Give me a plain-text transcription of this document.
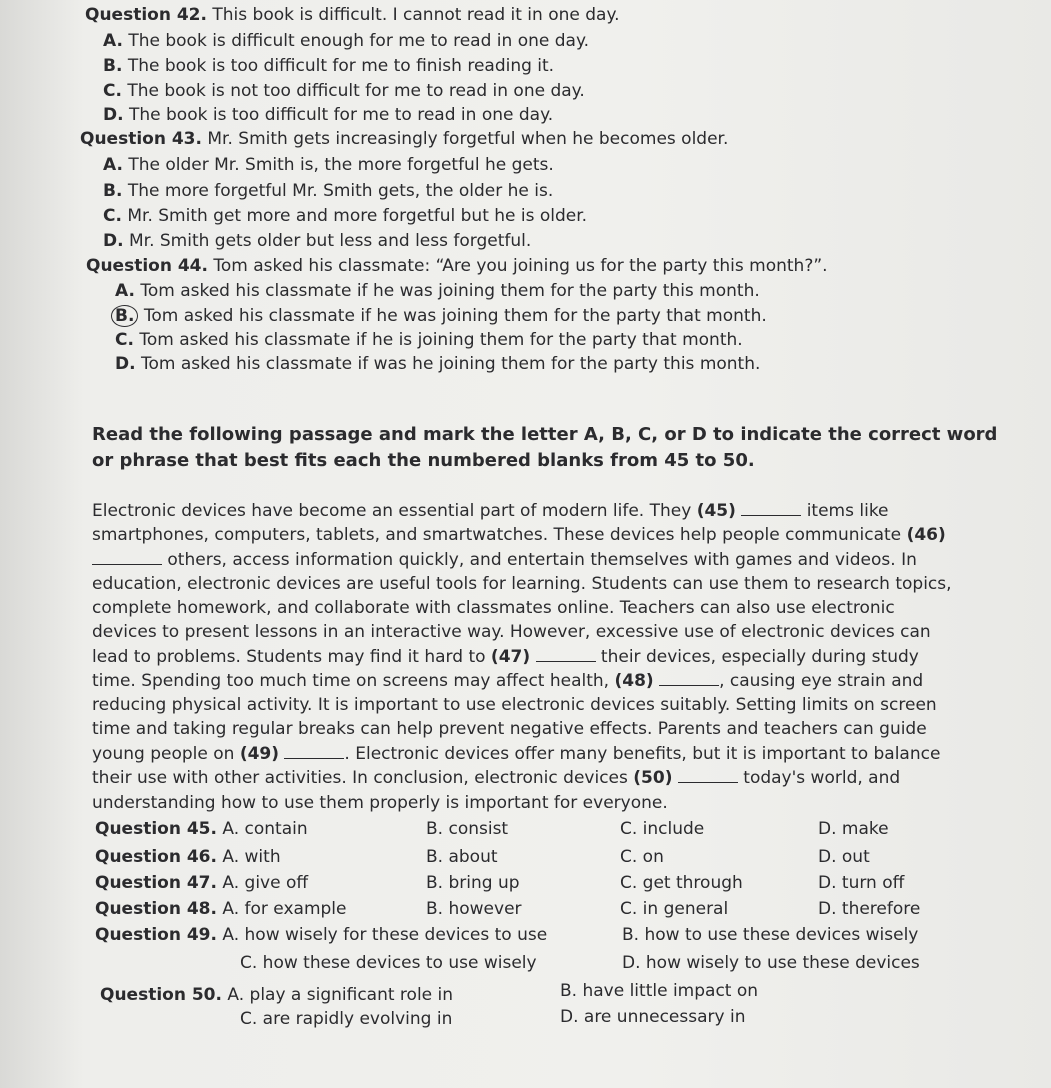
Question 42. This book is difficult. I cannot read it in one day.
A. The book is difficult enough for me to read in one day.
B. The book is too difficult for me to finish reading it.
C. The book is not too difficult for me to read in one day.
D. The book is too difficult for me to read in one day.
Question 43. Mr. Smith gets increasingly forgetful when he becomes older.
A. The older Mr. Smith is, the more forgetful he gets.
B. The more forgetful Mr. Smith gets, the older he is.
C. Mr. Smith get more and more forgetful but he is older.
D. Mr. Smith gets older but less and less forgetful.
Question 44. Tom asked his classmate: “Are you joining us for the party this month?”.
A. Tom asked his classmate if he was joining them for the party this month.
B. Tom asked his classmate if he was joining them for the party that month.
C. Tom asked his classmate if he is joining them for the party that month.
D. Tom asked his classmate if was he joining them for the party this month.
Read the following passage and mark the letter A, B, C, or D to indicate the correct word
or phrase that best fits each the numbered blanks from 45 to 50.
Electronic devices have become an essential part of modern life. They (45)	items like
smartphones, computers, tablets, and smartwatches. These devices help people communicate (46)
others, access information quickly, and entertain themselves with games and videos. In
education, electronic devices are useful tools for learning. Students can use them to research topics,
complete homework, and collaborate with classmates online. Teachers can also use electronic
devices to present lessons in an interactive way. However, excessive use of electronic devices can
lead to problems. Students may find it hard to (47)	their devices, especially during study
time. Spending too much time on screens may affect health, (48)	, causing eye strain and
reducing physical activity. It is important to use electronic devices suitably. Setting limits on screen
time and taking regular breaks can help prevent negative effects. Parents and teachers can guide
young people on (49)	. Electronic devices offer many benefits, but it is important to balance
their use with other activities. In conclusion, electronic devices (50)	today's world, and
understanding how to use them properly is important for everyone.
Question 45. A. contain	B. consist	C. include	D. make
Question 46. A. with	B. about	C. on	D. out
Question 47. A. give off	B. bring up	C. get through	D. turn off
Question 48. A. for example	B. however	C. in general	D. therefore
Question 49. A. how wisely for these devices to use	B. how to use these devices wisely
C. how these devices to use wisely	D. how wisely to use these devices
Question 50. A. play a significant role in	B. have little impact on
C. are rapidly evolving in	D. are unnecessary in
